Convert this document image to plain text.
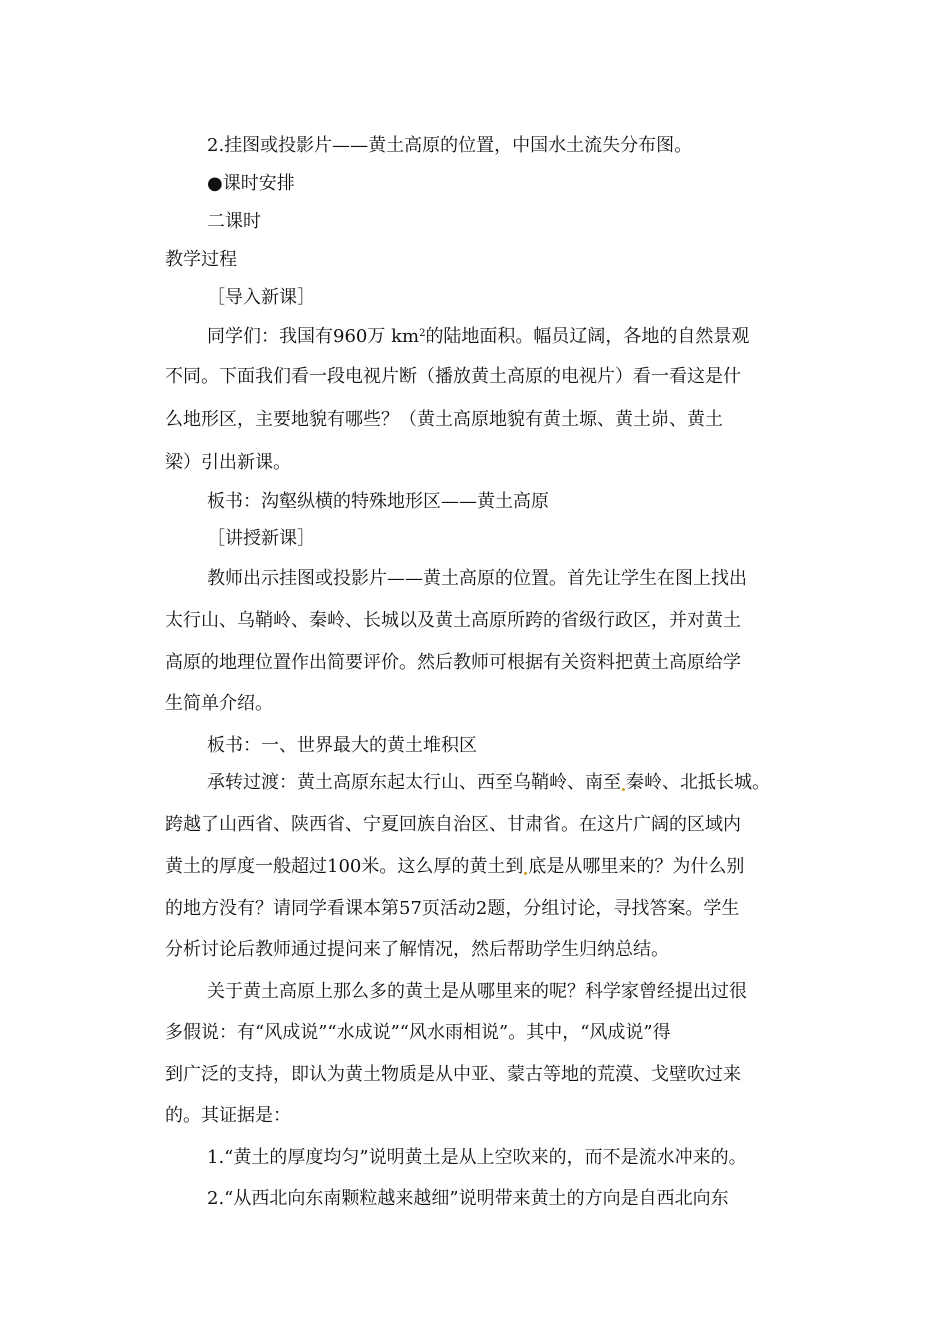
2.挂图或投影片——黄土高原的位置，中国水土流失分布图。
●课时安排
二课时
教学过程
［导入新课］
同学们：我国有960万 $km^2$的陆地面积。幅员辽阔，各地的自然景观
不同。下面我们看一段电视片断（播放黄土高原的电视片）看一看这是什
么地形区，主要地貌有哪些？（黄土高原地貌有黄土塬、黄土峁、黄土
梁）引出新课。
板书：沟壑纵横的特殊地形区——黄土高原
［讲授新课］
教师出示挂图或投影片——黄土高原的位置。首先让学生在图上找出
太行山、乌鞘岭、秦岭、长城以及黄土高原所跨的省级行政区，并对黄土
高原的地理位置作出简要评价。然后教师可根据有关资料把黄土高原给学
生简单介绍。
板书：一、世界最大的黄土堆积区
承转过渡：黄土高原东起太行山、西至乌鞘岭、南至 秦岭、北抵长城。
跨越了山西省、陕西省、宁夏回族自治区、甘肃省。在这片广阔的区域内
黄土的厚度一般超过100米。这么厚的黄土到 底是从哪里来的？为什么别
的地方没有？请同学看课本第57页活动2题，分组讨论，寻找答案。学生
分析讨论后教师通过提问来了解情况，然后帮助学生归纳总结。
关于黄土高原上那么多的黄土是从哪里来的呢？科学家曾经提出过很
多假说：有“风成说”“水成说”“风水雨相说”。其中，“风成说”得
到广泛的支持，即认为黄土物质是从中亚、蒙古等地的荒漠、戈壁吹过来
的。其证据是：
1.“黄土的厚度均匀”说明黄土是从上空吹来的，而不是流水冲来的。
2.“从西北向东南颗粒越来越细”说明带来黄土的方向是自西北向东
